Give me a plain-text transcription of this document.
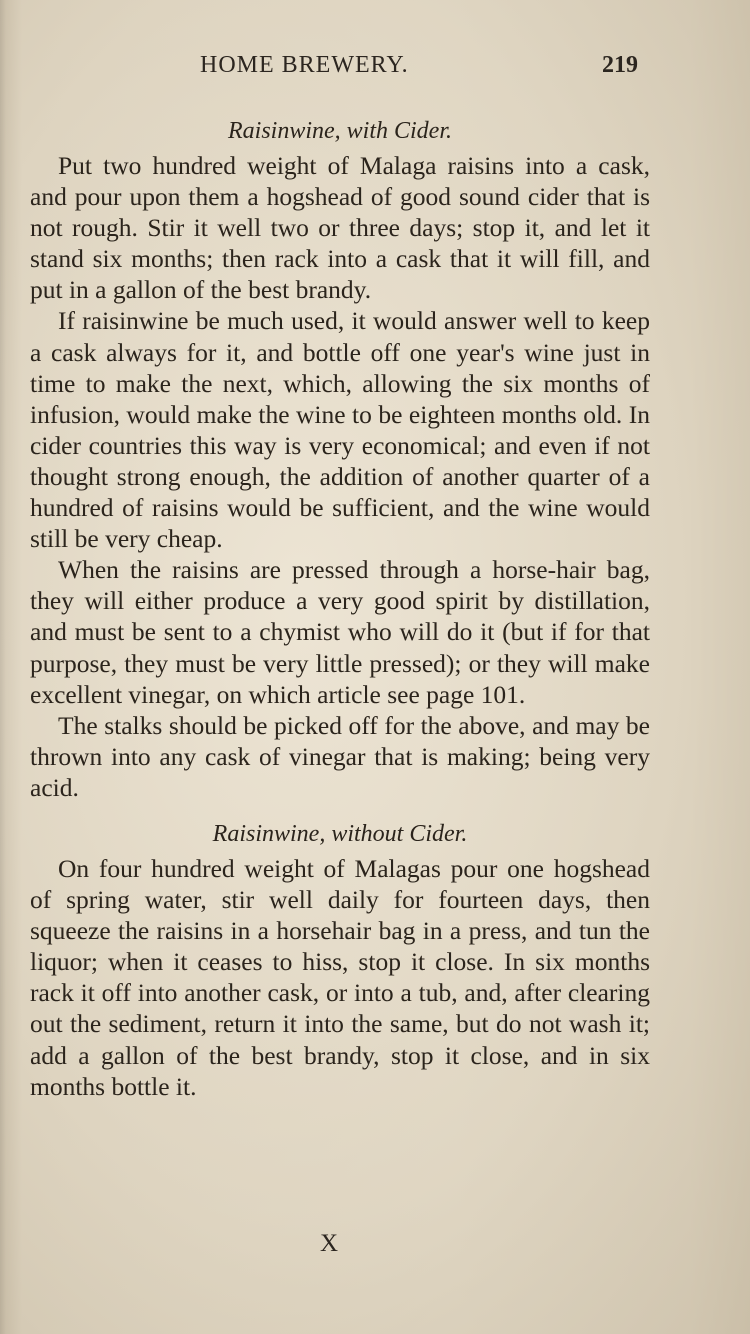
HOME BREWERY.	219

Raisinwine, with Cider.

Put two hundred weight of Malaga raisins into a cask, and pour upon them a hogshead of good sound cider that is not rough. Stir it well two or three days; stop it, and let it stand six months; then rack into a cask that it will fill, and put in a gallon of the best brandy.

If raisinwine be much used, it would answer well to keep a cask always for it, and bottle off one year's wine just in time to make the next, which, allowing the six months of infusion, would make the wine to be eighteen months old. In cider countries this way is very economical; and even if not thought strong enough, the addition of another quarter of a hundred of raisins would be sufficient, and the wine would still be very cheap.

When the raisins are pressed through a horse-hair bag, they will either produce a very good spirit by distillation, and must be sent to a chymist who will do it (but if for that purpose, they must be very little pressed); or they will make excellent vinegar, on which article see page 101.

The stalks should be picked off for the above, and may be thrown into any cask of vinegar that is making; being very acid.

Raisinwine, without Cider.

On four hundred weight of Malagas pour one hogshead of spring water, stir well daily for fourteen days, then squeeze the raisins in a horsehair bag in a press, and tun the liquor; when it ceases to hiss, stop it close. In six months rack it off into another cask, or into a tub, and, after clearing out the sediment, return it into the same, but do not wash it; add a gallon of the best brandy, stop it close, and in six months bottle it.

X
